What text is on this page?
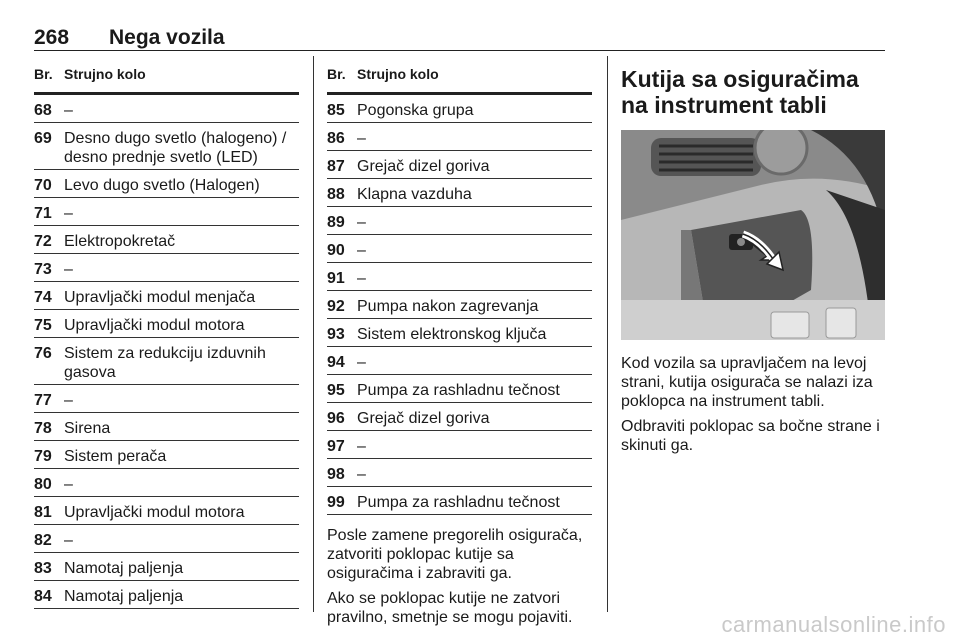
268 Nega vozila
Br. Strujno kolo
68 –
69 Desno dugo svetlo (halogeno) / desno prednje svetlo (LED)
70 Levo dugo svetlo (Halogen)
71 –
72 Elektropokretač
73 –
74 Upravljački modul menjača
75 Upravljački modul motora
76 Sistem za redukciju izduvnih gasova
77 –
78 Sirena
79 Sistem perača
80 –
81 Upravljački modul motora
82 –
83 Namotaj paljenja
84 Namotaj paljenja
Br. Strujno kolo
85 Pogonska grupa
86 –
87 Grejač dizel goriva
88 Klapna vazduha
89 –
90 –
91 –
92 Pumpa nakon zagrevanja
93 Sistem elektronskog ključa
94 –
95 Pumpa za rashladnu tečnost
96 Grejač dizel goriva
97 –
98 –
99 Pumpa za rashladnu tečnost

Posle zamene pregorelih osigurača, zatvoriti poklopac kutije sa osiguračima i zabraviti ga.

Ako se poklopac kutije ne zatvori pravilno, smetnje se mogu pojaviti.

Kutija sa osiguračima na instrument tabli

Kod vozila sa upravljačem na levoj strani, kutija osigurača se nalazi iza poklopca na instrument tabli.

Odbraviti poklopac sa bočne strane i skinuti ga.

carmanualsonline.info
